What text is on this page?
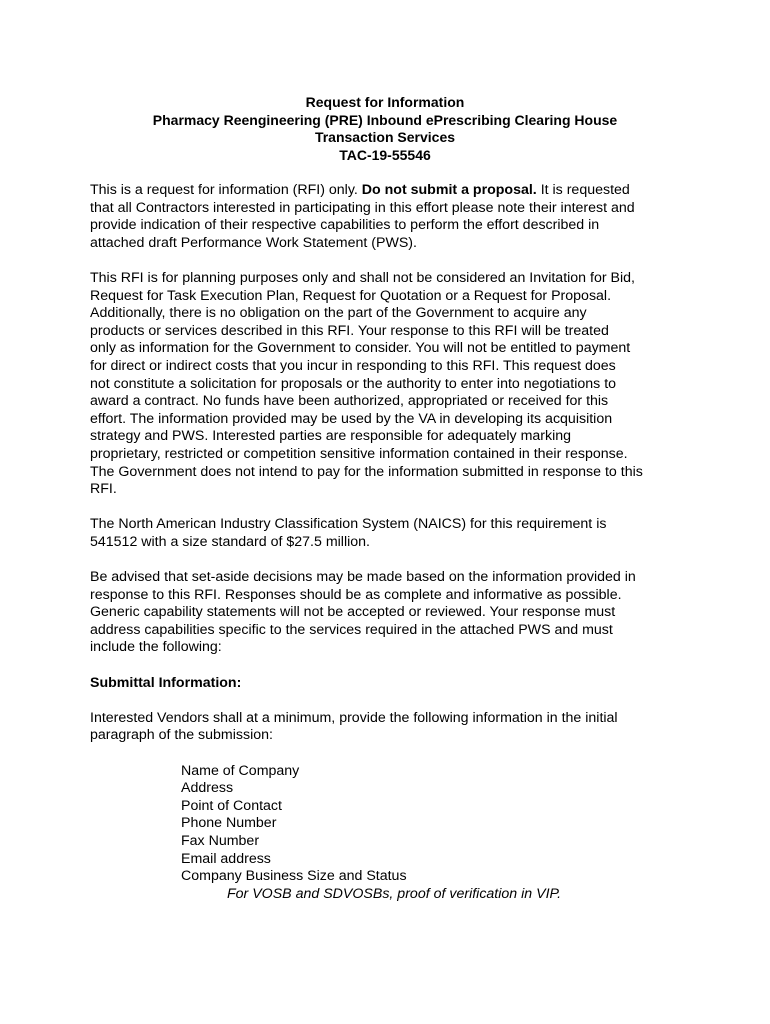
Request for Information
Pharmacy Reengineering (PRE) Inbound ePrescribing Clearing House
Transaction Services
TAC-19-55546
This is a request for information (RFI) only. Do not submit a proposal. It is requested
that all Contractors interested in participating in this effort please note their interest and
provide indication of their respective capabilities to perform the effort described in
attached draft Performance Work Statement (PWS).
This RFI is for planning purposes only and shall not be considered an Invitation for Bid,
Request for Task Execution Plan, Request for Quotation or a Request for Proposal.
Additionally, there is no obligation on the part of the Government to acquire any
products or services described in this RFI. Your response to this RFI will be treated
only as information for the Government to consider. You will not be entitled to payment
for direct or indirect costs that you incur in responding to this RFI. This request does
not constitute a solicitation for proposals or the authority to enter into negotiations to
award a contract. No funds have been authorized, appropriated or received for this
effort. The information provided may be used by the VA in developing its acquisition
strategy and PWS. Interested parties are responsible for adequately marking
proprietary, restricted or competition sensitive information contained in their response.
The Government does not intend to pay for the information submitted in response to this
RFI.
The North American Industry Classification System (NAICS) for this requirement is
541512 with a size standard of $27.5 million.
Be advised that set-aside decisions may be made based on the information provided in
response to this RFI. Responses should be as complete and informative as possible.
Generic capability statements will not be accepted or reviewed. Your response must
address capabilities specific to the services required in the attached PWS and must
include the following:
Submittal Information:
Interested Vendors shall at a minimum, provide the following information in the initial
paragraph of the submission:
Name of Company
Address
Point of Contact
Phone Number
Fax Number
Email address
Company Business Size and Status
For VOSB and SDVOSBs, proof of verification in VIP.
